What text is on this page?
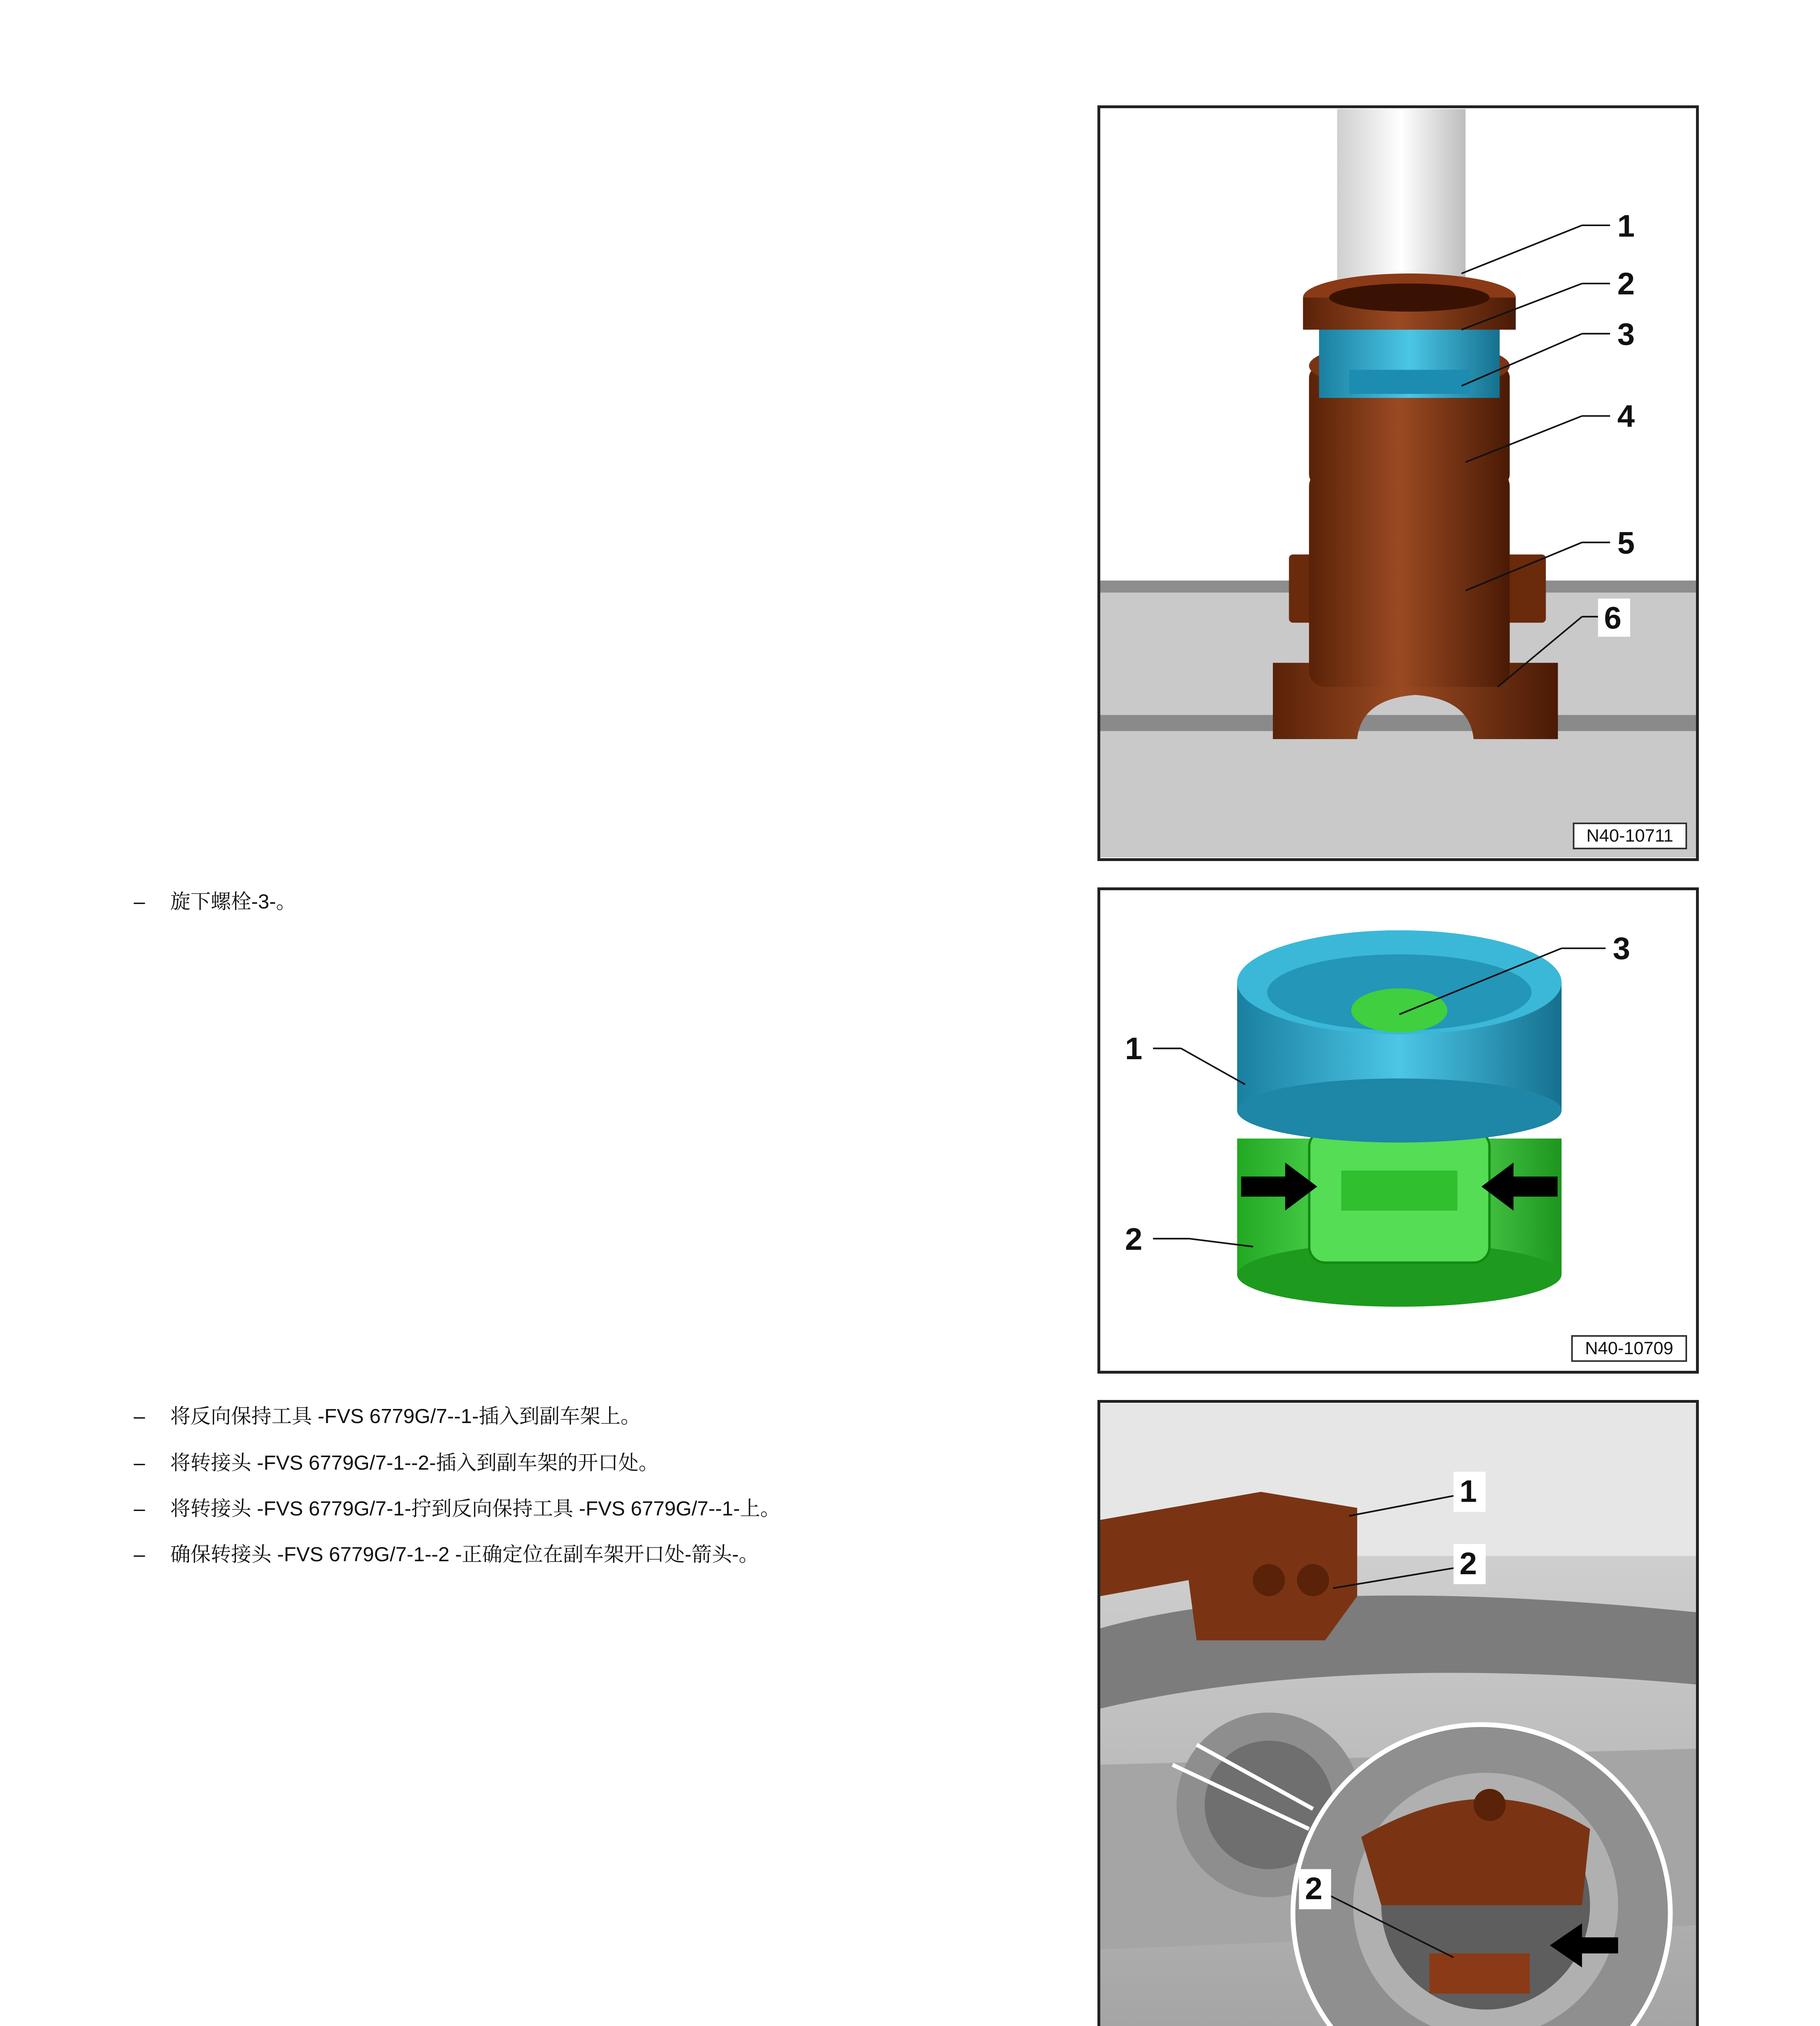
– 旋下螺栓-3-。
– 将反向保持工具 -FVS 6779G/7--1-插入到副车架上。
– 将转接头 -FVS 6779G/7-1--2-插入到副车架的开口处。
– 将转接头 -FVS 6779G/7-1-拧到反向保持工具 -FVS 6779G/7--1-上。
– 确保转接头 -FVS 6779G/7-1--2 -正确定位在副车架开口处-箭头-。
1
2
3
4
5
6
N40-10711
3
1
2
N40-10709
1
2
2
